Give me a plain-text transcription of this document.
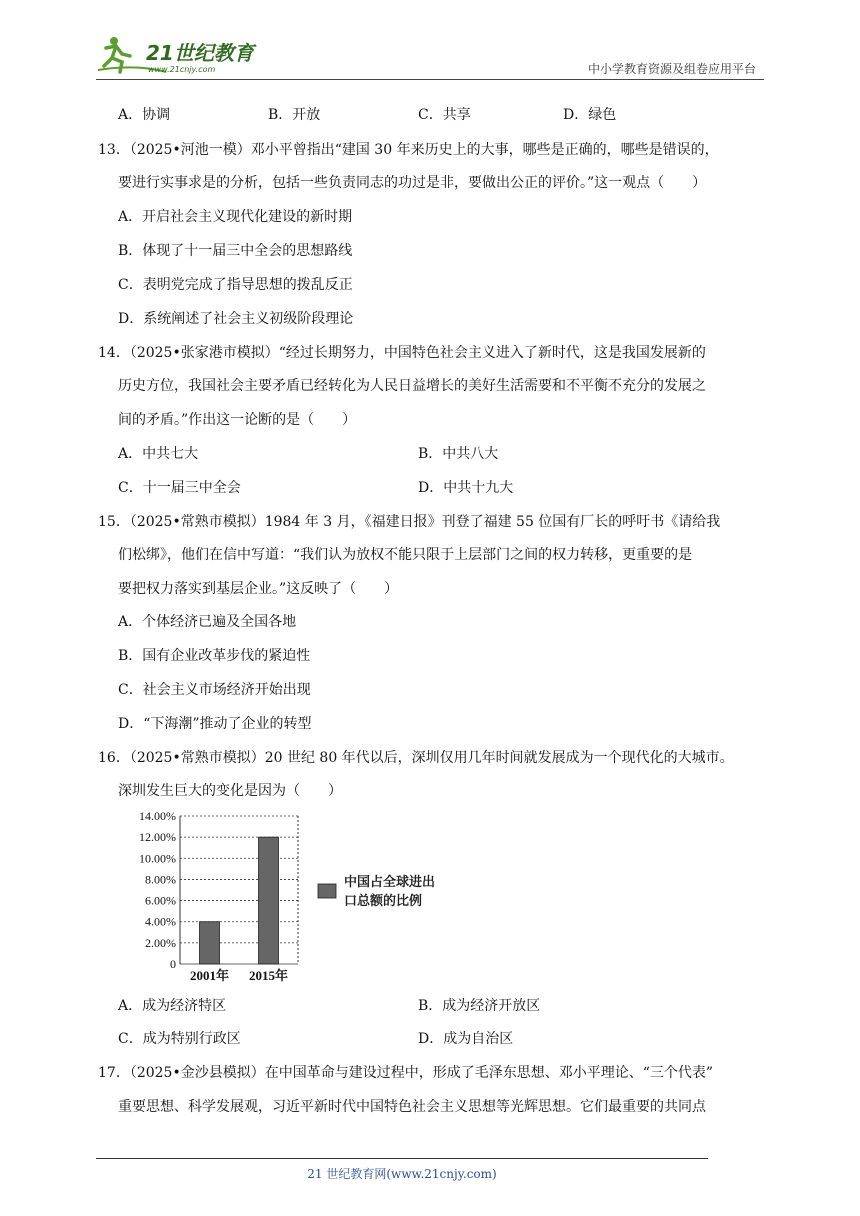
21世纪教育
www.21cnjy.com	中小学教育资源及组卷应用平台
A．协调	B．开放	C．共享	D．绿色
13．（2025•河池一模）邓小平曾指出“建国 30 年来历史上的大事，哪些是正确的，哪些是错误的，
要进行实事求是的分析，包括一些负责同志的功过是非，要做出公正的评价。”这一观点（　　）
A．开启社会主义现代化建设的新时期
B．体现了十一届三中全会的思想路线
C．表明党完成了指导思想的拨乱反正
D．系统阐述了社会主义初级阶段理论
14．（2025•张家港市模拟）“经过长期努力，中国特色社会主义进入了新时代，这是我国发展新的
历史方位，我国社会主要矛盾已经转化为人民日益增长的美好生活需要和不平衡不充分的发展之
间的矛盾。”作出这一论断的是（　　）
A．中共七大	B．中共八大
C．十一届三中全会	D．中共十九大
15．（2025•常熟市模拟）1984 年 3 月，《福建日报》刊登了福建 55 位国有厂长的呼吁书《请给我
们松绑》，他们在信中写道：“我们认为放权不能只限于上层部门之间的权力转移，更重要的是
要把权力落实到基层企业。”这反映了（　　）
A．个体经济已遍及全国各地
B．国有企业改革步伐的紧迫性
C．社会主义市场经济开始出现
D．“下海潮”推动了企业的转型
16．（2025•常熟市模拟）20 世纪 80 年代以后，深圳仅用几年时间就发展成为一个现代化的大城市。
深圳发生巨大的变化是因为（　　）
0
2.00%
4.00%
6.00%
8.00%
10.00%
12.00%
14.00%
2001年 2015年
中国占全球进出
口总额的比例
A．成为经济特区	B．成为经济开放区
C．成为特别行政区	D．成为自治区
17．（2025•金沙县模拟）在中国革命与建设过程中，形成了毛泽东思想、邓小平理论、“三个代表”
重要思想、科学发展观，习近平新时代中国特色社会主义思想等光辉思想。它们最重要的共同点
21 世纪教育网(www.21cnjy.com)
